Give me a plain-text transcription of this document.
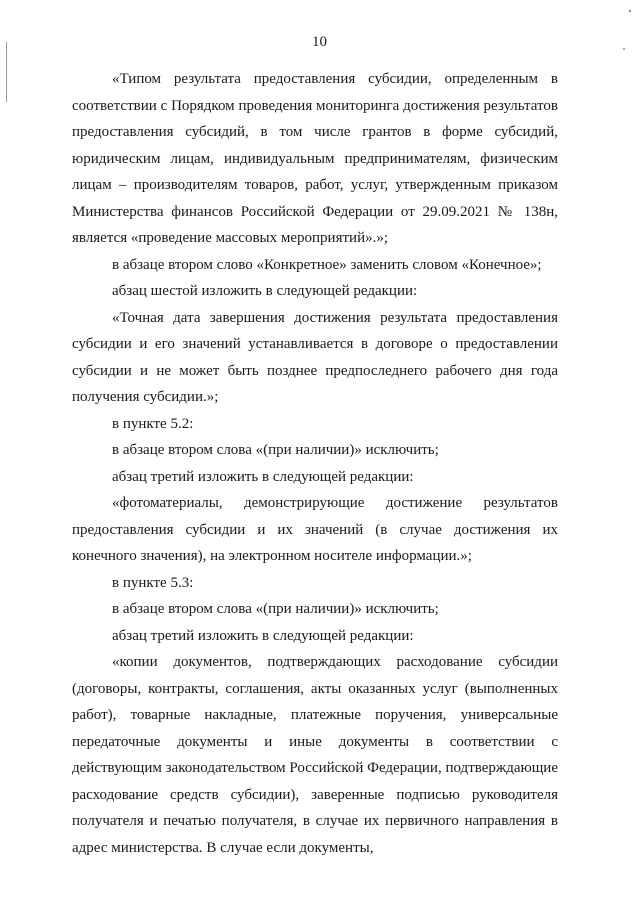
10

«Типом результата предоставления субсидии, определенным в соответствии с Порядком проведения мониторинга достижения результатов предоставления субсидий, в том числе грантов в форме субсидий, юридическим лицам, индивидуальным предпринимателям, физическим лицам – производителям товаров, работ, услуг, утвержденным приказом Министерства финансов Российской Федерации от 29.09.2021 № 138н, является «проведение массовых мероприятий».»;

в абзаце втором слово «Конкретное» заменить словом «Конечное»;

абзац шестой изложить в следующей редакции:

«Точная дата завершения достижения результата предоставления субсидии и его значений устанавливается в договоре о предоставлении субсидии и не может быть позднее предпоследнего рабочего дня года получения субсидии.»;

в пункте 5.2:

в абзаце втором слова «(при наличии)» исключить;

абзац третий изложить в следующей редакции:

«фотоматериалы, демонстрирующие достижение результатов предоставления субсидии и их значений (в случае достижения их конечного значения), на электронном носителе информации.»;

в пункте 5.3:

в абзаце втором слова «(при наличии)» исключить;

абзац третий изложить в следующей редакции:

«копии документов, подтверждающих расходование субсидии (договоры, контракты, соглашения, акты оказанных услуг (выполненных работ), товарные накладные, платежные поручения, универсальные передаточные документы и иные документы в соответствии с действующим законодательством Российской Федерации, подтверждающие расходование средств субсидии), заверенные подписью руководителя получателя и печатью получателя, в случае их первичного направления в адрес министерства. В случае если документы,
